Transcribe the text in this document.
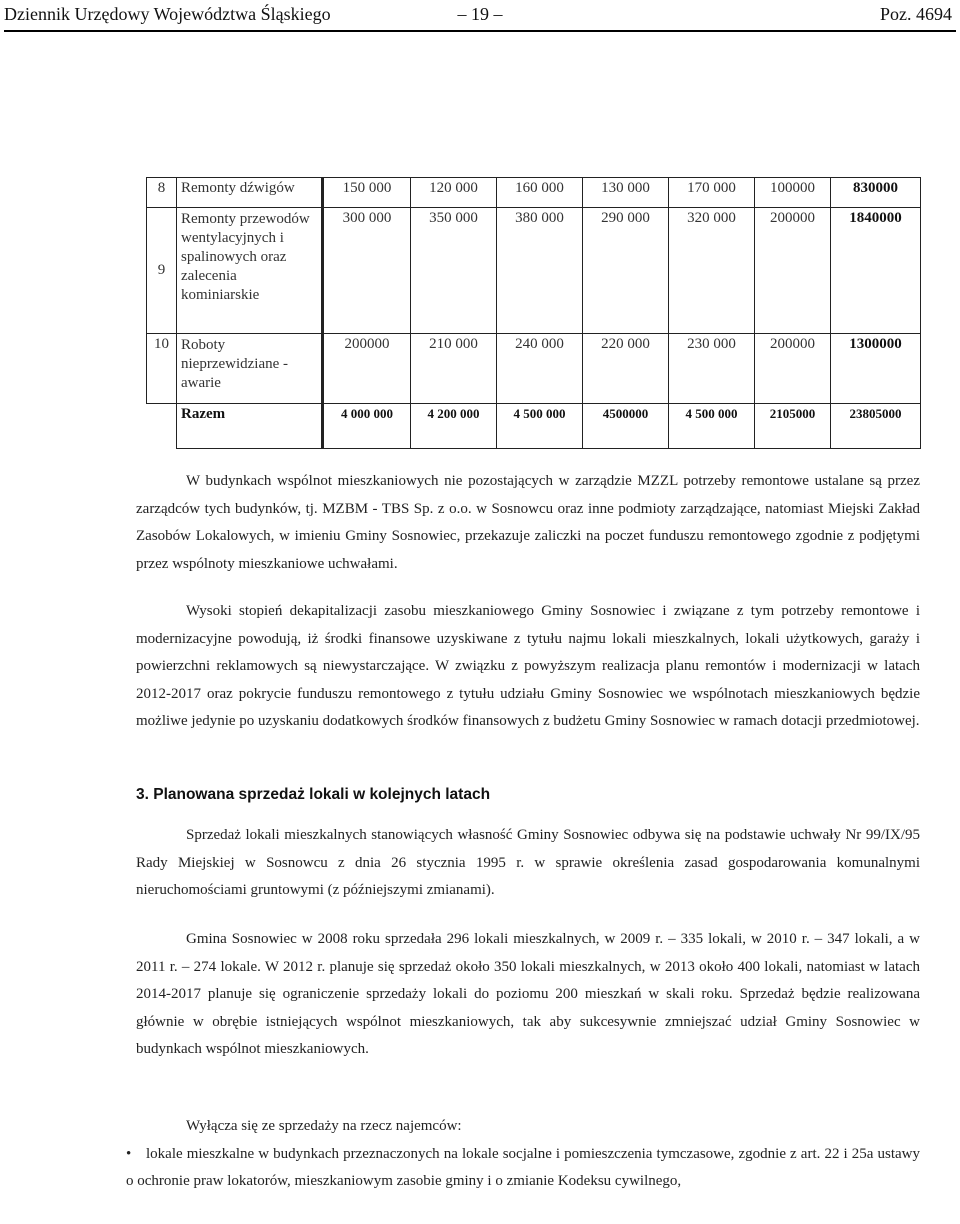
Dziennik Urzędowy Województwa Śląskiego	– 19 –	Poz. 4694
8	Remonty dźwigów	150 000	120 000	160 000	130 000	170 000	100000	830000
9	Remonty przewodów wentylacyjnych i spalinowych oraz zalecenia kominiarskie	300 000	350 000	380 000	290 000	320 000	200000	1840000
10	Roboty nieprzewidziane - awarie	200000	210 000	240 000	220 000	230 000	200000	1300000
	Razem	4 000 000	4 200 000	4 500 000	4500000	4 500 000	2105000	23805000
W budynkach wspólnot mieszkaniowych nie pozostających w zarządzie MZZL potrzeby remontowe ustalane są przez zarządców tych budynków, tj. MZBM - TBS Sp. z o.o. w Sosnowcu oraz inne podmioty zarządzające, natomiast Miejski Zakład Zasobów Lokalowych, w imieniu Gminy Sosnowiec, przekazuje zaliczki na poczet funduszu remontowego zgodnie z podjętymi przez wspólnoty mieszkaniowe uchwałami.
Wysoki stopień dekapitalizacji zasobu mieszkaniowego Gminy Sosnowiec i związane z tym potrzeby remontowe i modernizacyjne powodują, iż środki finansowe uzyskiwane z tytułu najmu lokali mieszkalnych, lokali użytkowych, garaży i powierzchni reklamowych są niewystarczające. W związku z powyższym realizacja planu remontów i modernizacji w latach 2012-2017 oraz pokrycie funduszu remontowego z tytułu udziału Gminy Sosnowiec we wspólnotach mieszkaniowych będzie możliwe jedynie po uzyskaniu dodatkowych środków finansowych z budżetu Gminy Sosnowiec w ramach dotacji przedmiotowej.
3. Planowana sprzedaż lokali w kolejnych latach
Sprzedaż lokali mieszkalnych stanowiących własność Gminy Sosnowiec odbywa się na podstawie uchwały Nr 99/IX/95 Rady Miejskiej w Sosnowcu z dnia 26 stycznia 1995 r. w sprawie określenia zasad gospodarowania komunalnymi nieruchomościami gruntowymi (z późniejszymi zmianami).
Gmina Sosnowiec w 2008 roku sprzedała 296 lokali mieszkalnych, w 2009 r. – 335 lokali, w 2010 r. – 347 lokali, a w 2011 r. – 274 lokale. W 2012 r. planuje się sprzedaż około 350 lokali mieszkalnych, w 2013 około 400 lokali, natomiast w latach 2014-2017 planuje się ograniczenie sprzedaży lokali do poziomu 200 mieszkań w skali roku. Sprzedaż będzie realizowana głównie w obrębie istniejących wspólnot mieszkaniowych, tak aby sukcesywnie zmniejszać udział Gminy Sosnowiec w budynkach wspólnot mieszkaniowych.
Wyłącza się ze sprzedaży na rzecz najemców:
• lokale mieszkalne w budynkach przeznaczonych na lokale socjalne i pomieszczenia tymczasowe, zgodnie z art. 22 i 25a ustawy o ochronie praw lokatorów, mieszkaniowym zasobie gminy i o zmianie Kodeksu cywilnego,
